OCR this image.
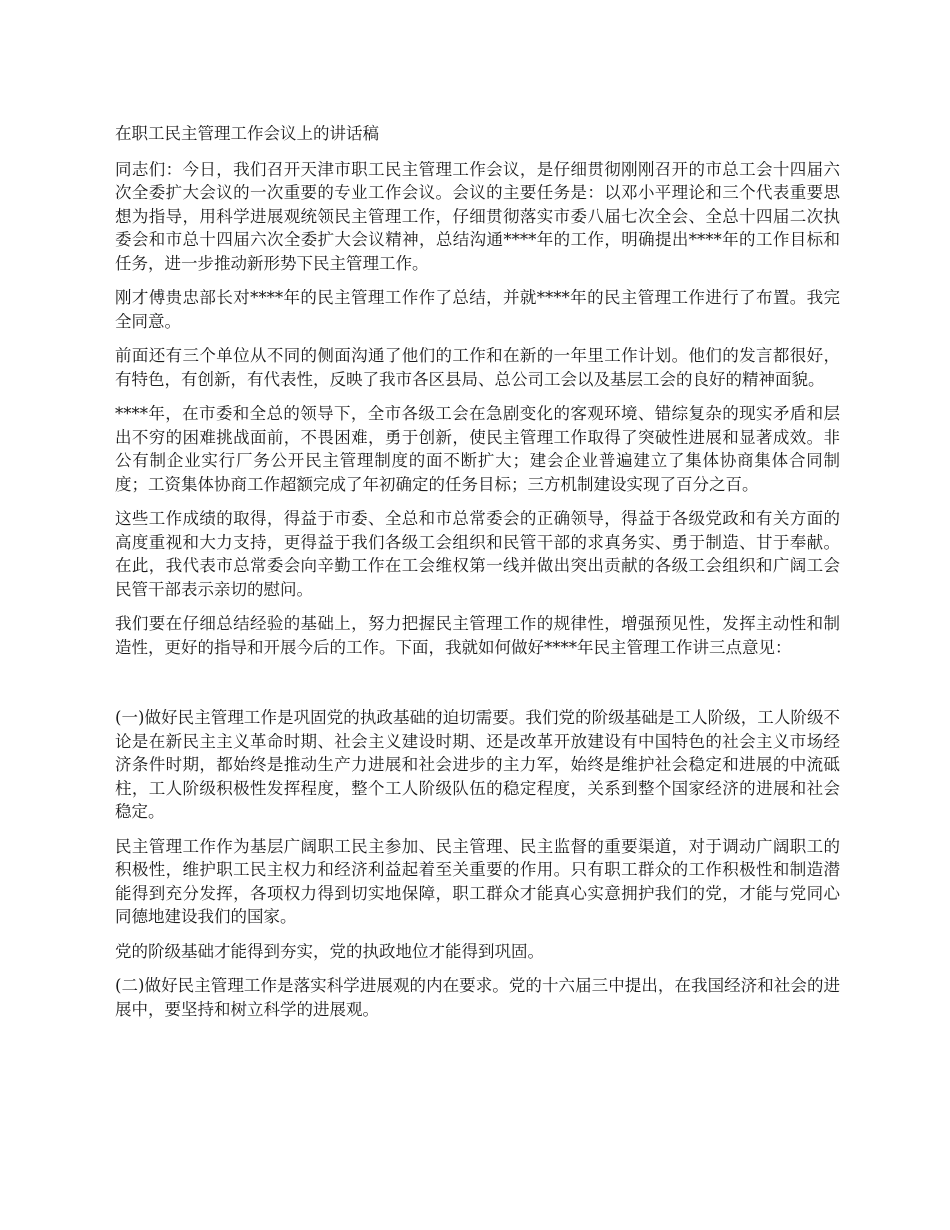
在职工民主管理工作会议上的讲话稿

同志们：今日，我们召开天津市职工民主管理工作会议，是仔细贯彻刚刚召开的市总工会十四届六次全委扩大会议的一次重要的专业工作会议。会议的主要任务是：以邓小平理论和三个代表重要思想为指导，用科学进展观统领民主管理工作，仔细贯彻落实市委八届七次全会、全总十四届二次执委会和市总十四届六次全委扩大会议精神，总结沟通****年的工作，明确提出****年的工作目标和任务，进一步推动新形势下民主管理工作。

刚才傅贵忠部长对****年的民主管理工作作了总结，并就****年的民主管理工作进行了布置。我完全同意。

前面还有三个单位从不同的侧面沟通了他们的工作和在新的一年里工作计划。他们的发言都很好，有特色，有创新，有代表性，反映了我市各区县局、总公司工会以及基层工会的良好的精神面貌。

****年，在市委和全总的领导下，全市各级工会在急剧变化的客观环境、错综复杂的现实矛盾和层出不穷的困难挑战面前，不畏困难，勇于创新，使民主管理工作取得了突破性进展和显著成效。非公有制企业实行厂务公开民主管理制度的面不断扩大；建会企业普遍建立了集体协商集体合同制度；工资集体协商工作超额完成了年初确定的任务目标；三方机制建设实现了百分之百。

这些工作成绩的取得，得益于市委、全总和市总常委会的正确领导，得益于各级党政和有关方面的高度重视和大力支持，更得益于我们各级工会组织和民管干部的求真务实、勇于制造、甘于奉献。在此，我代表市总常委会向辛勤工作在工会维权第一线并做出突出贡献的各级工会组织和广阔工会民管干部表示亲切的慰问。

我们要在仔细总结经验的基础上，努力把握民主管理工作的规律性，增强预见性，发挥主动性和制造性，更好的指导和开展今后的工作。下面，我就如何做好****年民主管理工作讲三点意见：

(一)做好民主管理工作是巩固党的执政基础的迫切需要。我们党的阶级基础是工人阶级，工人阶级不论是在新民主主义革命时期、社会主义建设时期、还是改革开放建设有中国特色的社会主义市场经济条件时期，都始终是推动生产力进展和社会进步的主力军，始终是维护社会稳定和进展的中流砥柱，工人阶级积极性发挥程度，整个工人阶级队伍的稳定程度，关系到整个国家经济的进展和社会稳定。

民主管理工作作为基层广阔职工民主参加、民主管理、民主监督的重要渠道，对于调动广阔职工的积极性，维护职工民主权力和经济利益起着至关重要的作用。只有职工群众的工作积极性和制造潜能得到充分发挥，各项权力得到切实地保障，职工群众才能真心实意拥护我们的党，才能与党同心同德地建设我们的国家。

党的阶级基础才能得到夯实，党的执政地位才能得到巩固。

(二)做好民主管理工作是落实科学进展观的内在要求。党的十六届三中提出，在我国经济和社会的进展中，要坚持和树立科学的进展观。
